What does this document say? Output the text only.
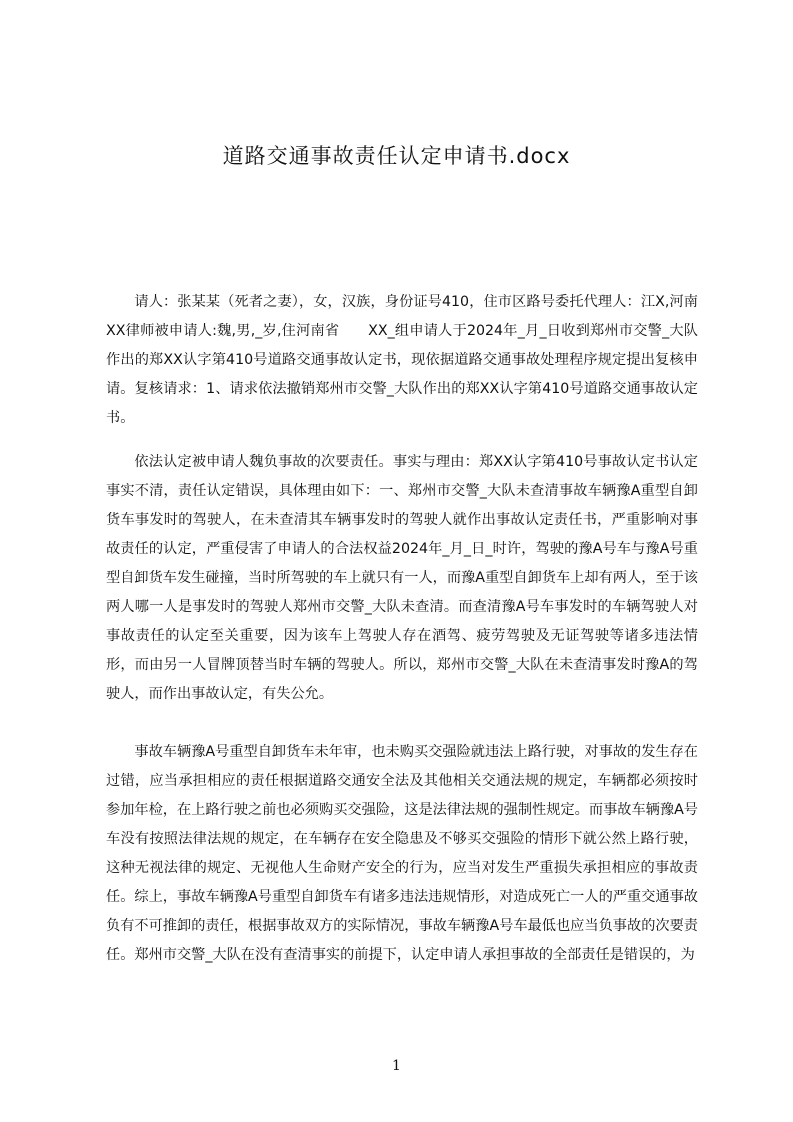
道路交通事故责任认定申请书.docx

请人：张某某（死者之妻），女，汉族，身份证号410，住市区路号委托代理人：江X,河南 XX律师被申请人:魏,男,_岁,住河南省　　XX_组申请人于2024年_月_日收到郑州市交警_大队作出的郑XX认字第410号道路交通事故认定书，现依据道路交通事故处理程序规定提出复核申请。复核请求：1、请求依法撤销郑州市交警_大队作出的郑XX认字第410号道路交通事故认定书。

依法认定被申请人魏负事故的次要责任。事实与理由：郑XX认字第410号事故认定书认定事实不清，责任认定错误，具体理由如下：一、郑州市交警_大队未查清事故车辆豫A重型自卸货车事发时的驾驶人，在未查清其车辆事发时的驾驶人就作出事故认定责任书，严重影响对事故责任的认定，严重侵害了申请人的合法权益2024年_月_日_时许，驾驶的豫A号车与豫A号重型自卸货车发生碰撞，当时所驾驶的车上就只有一人，而豫A重型自卸货车上却有两人，至于该两人哪一人是事发时的驾驶人郑州市交警_大队未查清。而查清豫A号车事发时的车辆驾驶人对事故责任的认定至关重要，因为该车上驾驶人存在酒驾、疲劳驾驶及无证驾驶等诸多违法情形，而由另一人冒牌顶替当时车辆的驾驶人。所以，郑州市交警_大队在未查清事发时豫A的驾驶人，而作出事故认定，有失公允。

事故车辆豫A号重型自卸货车未年审，也未购买交强险就违法上路行驶，对事故的发生存在过错，应当承担相应的责任根据道路交通安全法及其他相关交通法规的规定，车辆都必须按时参加年检，在上路行驶之前也必须购买交强险，这是法律法规的强制性规定。而事故车辆豫A号车没有按照法律法规的规定，在车辆存在安全隐患及不够买交强险的情形下就公然上路行驶，这种无视法律的规定、无视他人生命财产安全的行为，应当对发生严重损失承担相应的事故责任。综上，事故车辆豫A号重型自卸货车有诸多违法违规情形，对造成死亡一人的严重交通事故负有不可推卸的责任，根据事故双方的实际情况，事故车辆豫A号车最低也应当负事故的次要责任。郑州市交警_大队在没有查清事实的前提下，认定申请人承担事故的全部责任是错误的，为

1
